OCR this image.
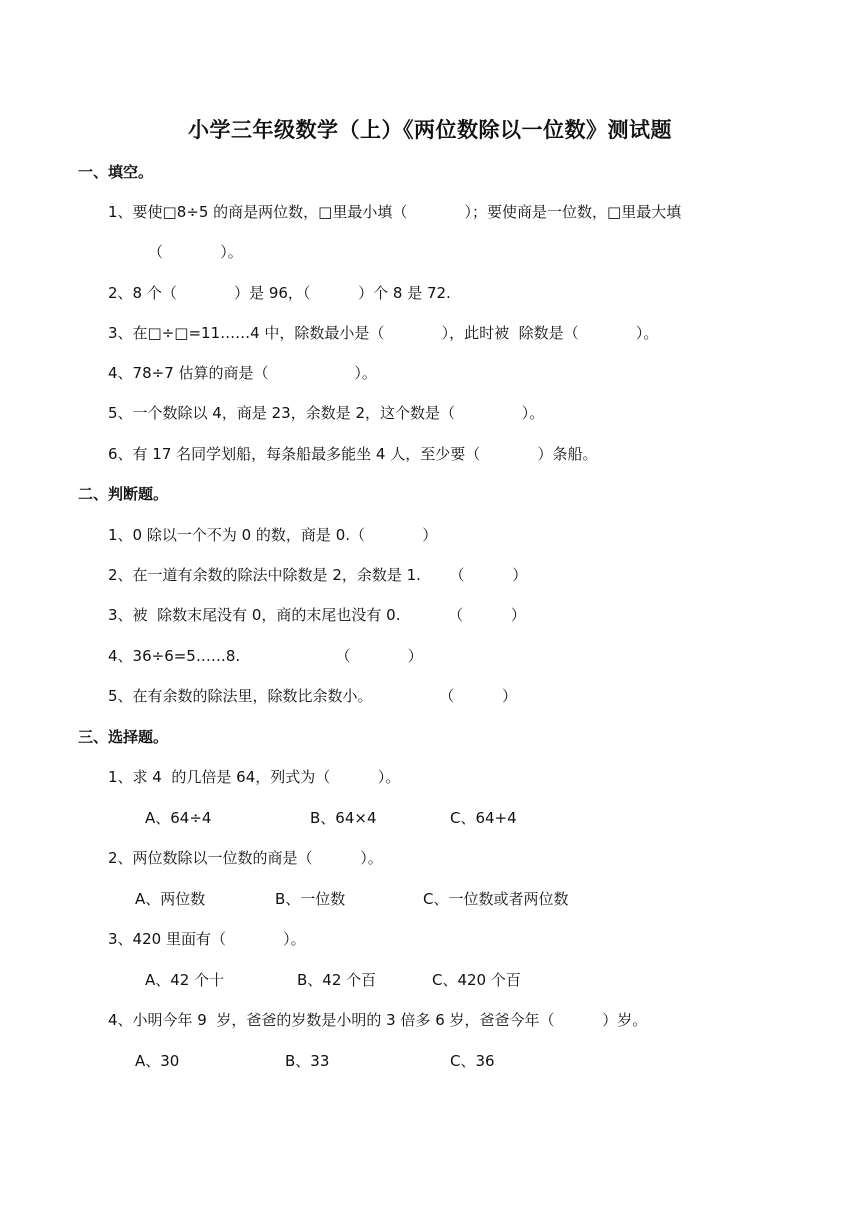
小学三年级数学（上）《两位数除以一位数》测试题
一、填空。
1、要使□8÷5 的商是两位数，□里最小填（            ）；要使商是一位数，□里最大填
（            ）。
2、8 个（            ）是 96，（          ）个 8 是 72.
3、在□÷□=11……4 中，除数最小是（            ），此时被  除数是（            ）。
4、78÷7 估算的商是（                  ）。
5、一个数除以 4，商是 23，余数是 2，这个数是（              ）。
6、有 17 名同学划船，每条船最多能坐 4 人，至少要（            ）条船。
二、判断题。
1、0 除以一个不为 0 的数，商是 0.（            ）
2、在一道有余数的除法中除数是 2，余数是 1.      （          ）
3、被  除数末尾没有 0，商的末尾也没有 0.          （          ）
4、36÷6=5……8.                    （            ）
5、在有余数的除法里，除数比余数小。              （          ）
三、选择题。
1、求 4  的几倍是 64，列式为（          ）。
A、64÷4	B、64×4	C、64+4
2、两位数除以一位数的商是（          ）。
A、两位数	B、一位数	C、一位数或者两位数
3、420 里面有（            ）。
A、42 个十	B、42 个百	C、420 个百
4、小明今年 9  岁，爸爸的岁数是小明的 3 倍多 6 岁，爸爸今年（          ）岁。
A、30	B、33	C、36
